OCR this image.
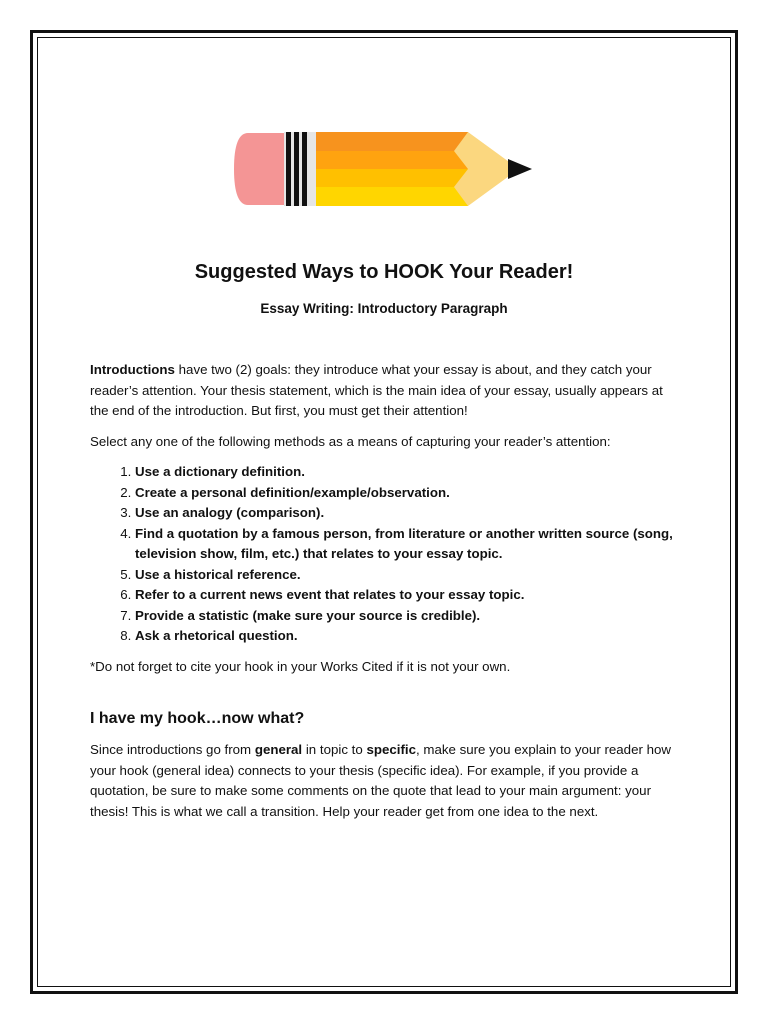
Suggested Ways to HOOK Your Reader!
Essay Writing: Introductory Paragraph

Introductions have two (2) goals: they introduce what your essay is about, and they catch your reader’s attention. Your thesis statement, which is the main idea of your essay, usually appears at the end of the introduction. But first, you must get their attention!

Select any one of the following methods as a means of capturing your reader’s attention:

1. Use a dictionary definition.
2. Create a personal definition/example/observation.
3. Use an analogy (comparison).
4. Find a quotation by a famous person, from literature or another written source (song, television show, film, etc.) that relates to your essay topic.
5. Use a historical reference.
6. Refer to a current news event that relates to your essay topic.
7. Provide a statistic (make sure your source is credible).
8. Ask a rhetorical question.

*Do not forget to cite your hook in your Works Cited if it is not your own.

I have my hook…now what?

Since introductions go from general in topic to specific, make sure you explain to your reader how your hook (general idea) connects to your thesis (specific idea). For example, if you provide a quotation, be sure to make some comments on the quote that lead to your main argument: your thesis! This is what we call a transition. Help your reader get from one idea to the next.
